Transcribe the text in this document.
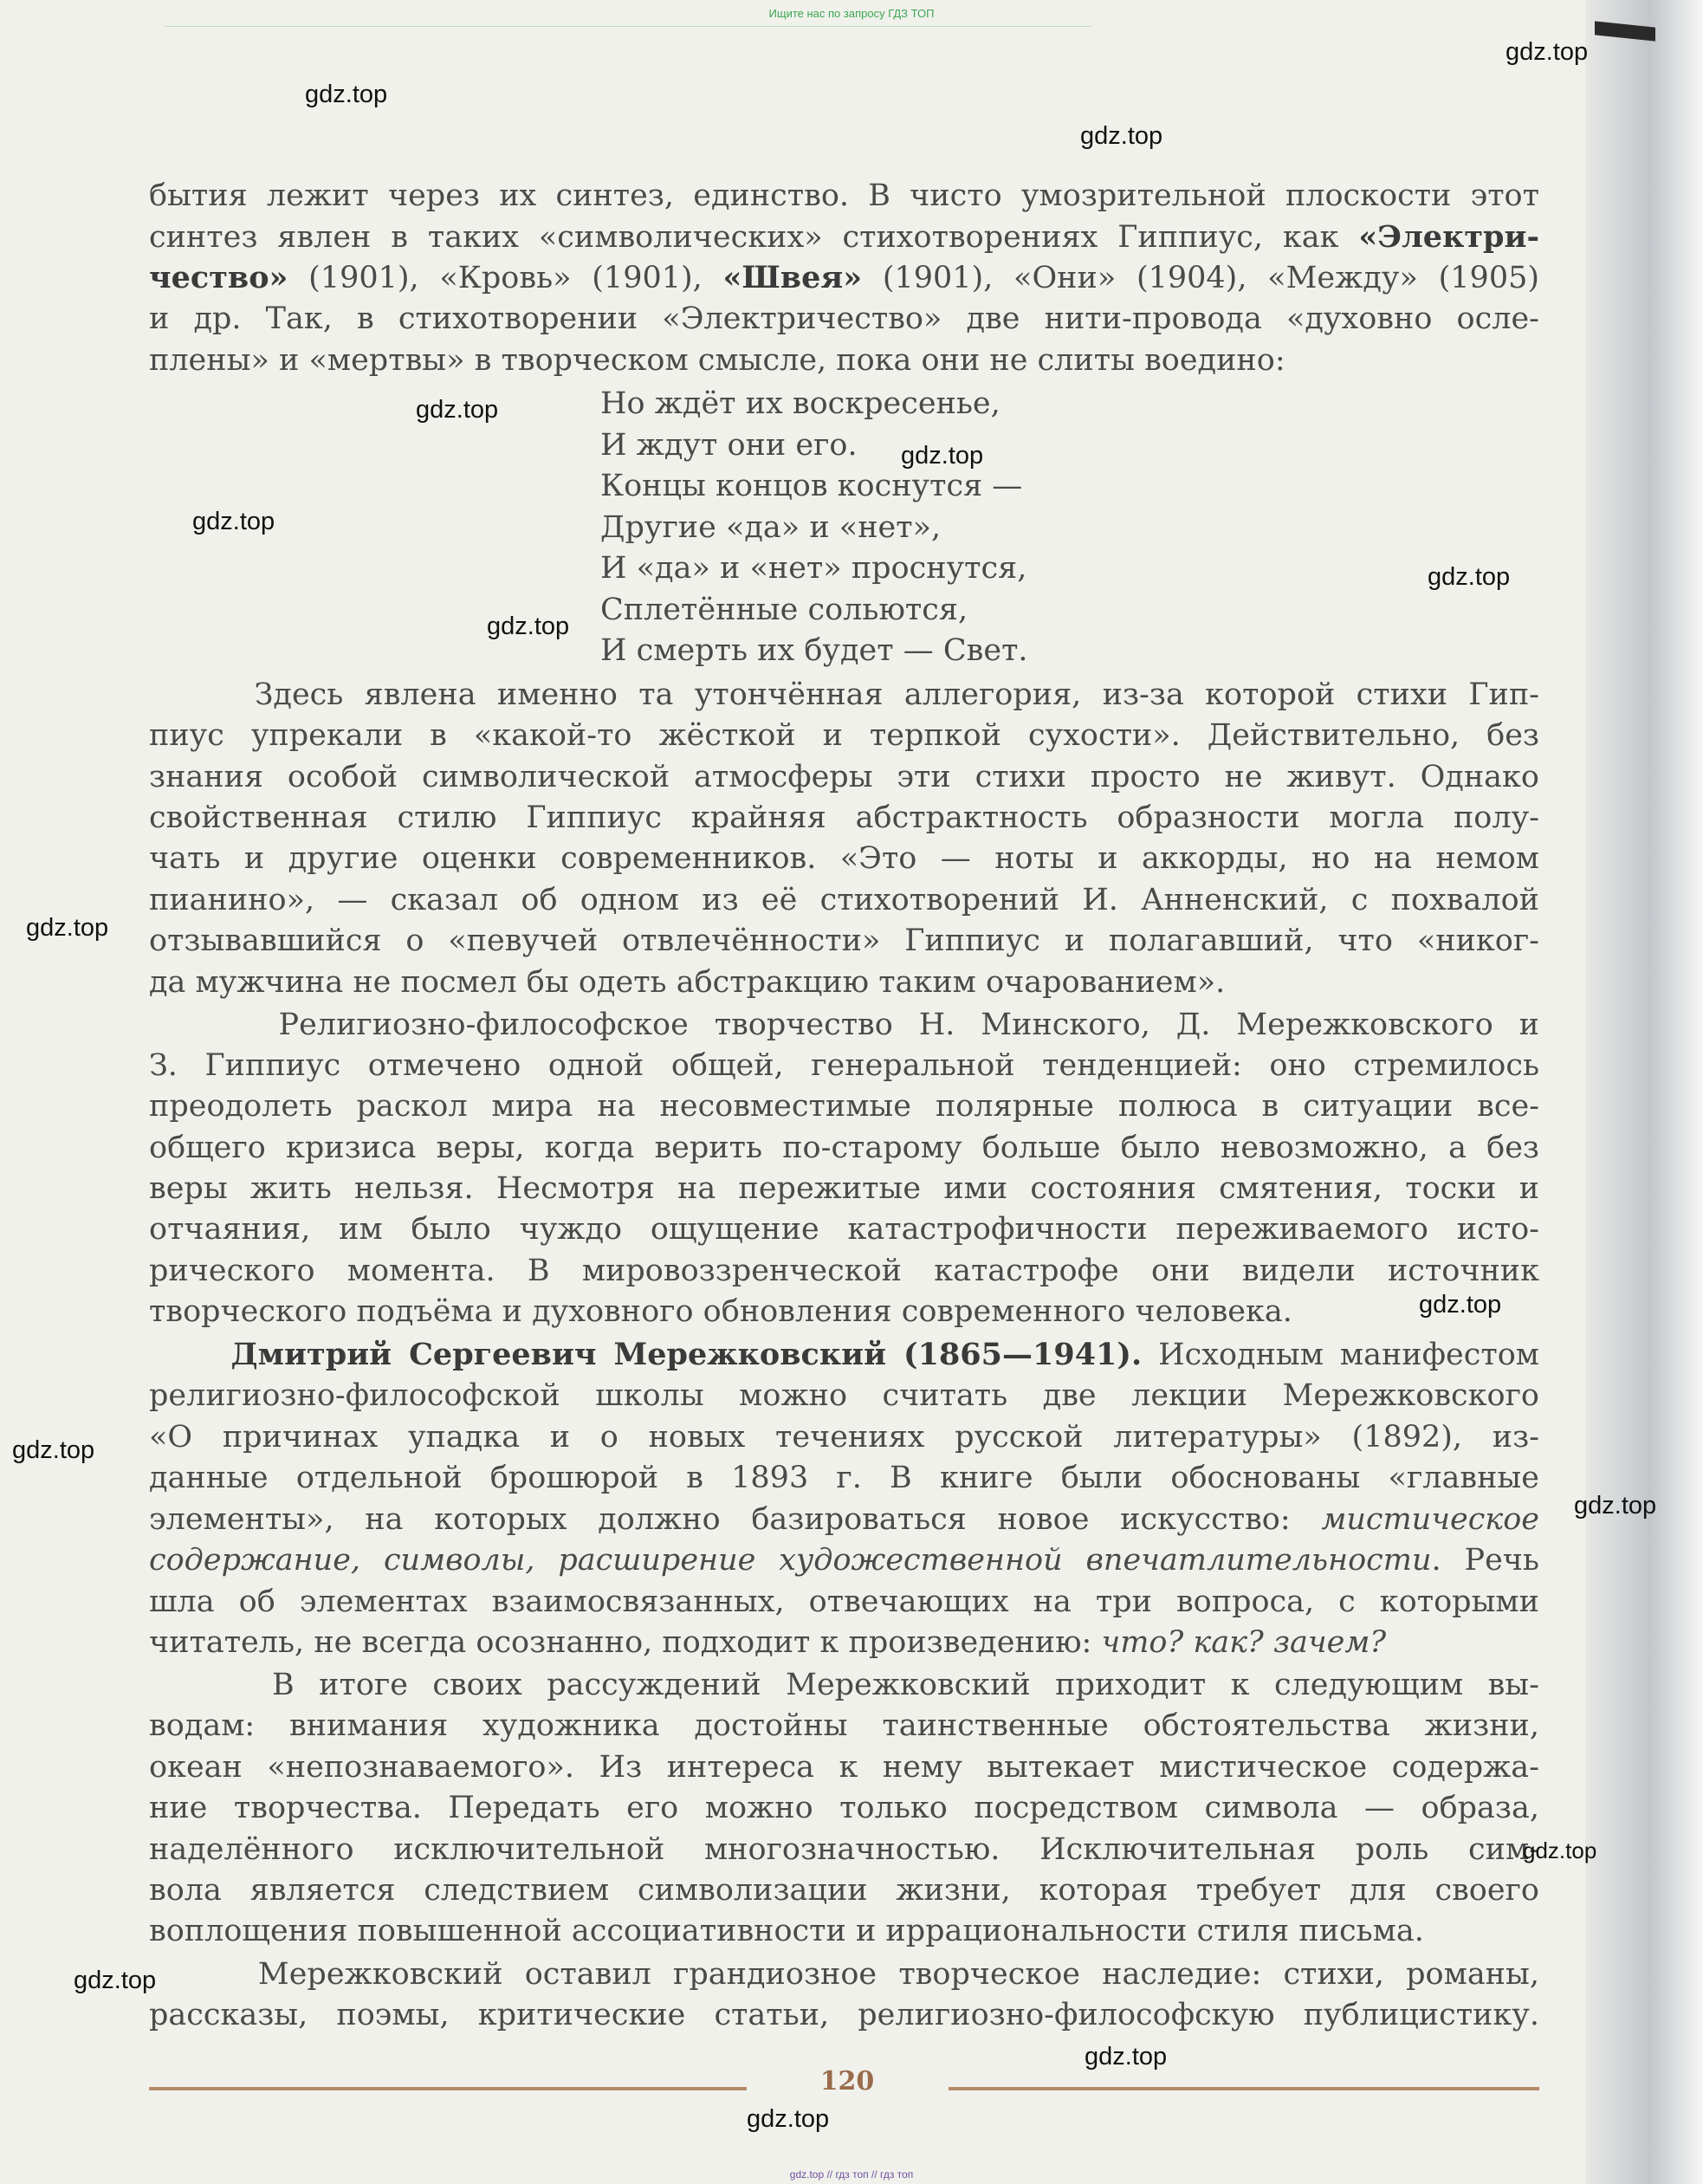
Ищите нас по запросу ГДЗ ТОП
бытия лежит через их синтез, единство. В чисто умозрительной плоскости этот
синтез явлен в таких «символических» стихотворениях Гиппиус, как «Электри-
чество» (1901), «Кровь» (1901), «Швея» (1901), «Они» (1904), «Между» (1905)
и др. Так, в стихотворении «Электричество» две нити-провода «духовно осле-
плены» и «мертвы» в творческом смысле, пока они не слиты воедино:
Но ждёт их воскресенье,
И ждут они его.
Концы концов коснутся —
Другие «да» и «нет»,
И «да» и «нет» проснутся,
Сплетённые сольются,
И смерть их будет — Свет.
Здесь явлена именно та утончённая аллегория, из-за которой стихи Гип-
пиус упрекали в «какой-то жёсткой и терпкой сухости». Действительно, без
знания особой символической атмосферы эти стихи просто не живут. Однако
свойственная стилю Гиппиус крайняя абстрактность образности могла полу-
чать и другие оценки современников. «Это — ноты и аккорды, но на немом
пианино», — сказал об одном из её стихотворений И. Анненский, с похвалой
отзывавшийся о «певучей отвлечённости» Гиппиус и полагавший, что «никог-
да мужчина не посмел бы одеть абстракцию таким очарованием».
Религиозно-философское творчество Н. Минского, Д. Мережковского и
З. Гиппиус отмечено одной общей, генеральной тенденцией: оно стремилось
преодолеть раскол мира на несовместимые полярные полюса в ситуации все-
общего кризиса веры, когда верить по-старому больше было невозможно, а без
веры жить нельзя. Несмотря на пережитые ими состояния смятения, тоски и
отчаяния, им было чуждо ощущение катастрофичности переживаемого исто-
рического момента. В мировоззренческой катастрофе они видели источник
творческого подъёма и духовного обновления современного человека.
Дмитрий Сергеевич Мережковский (1865—1941). Исходным манифестом
религиозно-философской школы можно считать две лекции Мережковского
«О причинах упадка и о новых течениях русской литературы» (1892), из-
данные отдельной брошюрой в 1893 г. В книге были обоснованы «главные
элементы», на которых должно базироваться новое искусство: мистическое
содержание, символы, расширение художественной впечатлительности. Речь
шла об элементах взаимосвязанных, отвечающих на три вопроса, с которыми
читатель, не всегда осознанно, подходит к произведению: что? как? зачем?
В итоге своих рассуждений Мережковский приходит к следующим вы-
водам: внимания художника достойны таинственные обстоятельства жизни,
океан «непознаваемого». Из интереса к нему вытекает мистическое содержа-
ние творчества. Передать его можно только посредством символа — образа,
наделённого исключительной многозначностью. Исключительная роль сим-
вола является следствием символизации жизни, которая требует для своего
воплощения повышенной ассоциативности и иррациональности стиля письма.
Мережковский оставил грандиозное творческое наследие: стихи, романы,
рассказы, поэмы, критические статьи, религиозно-философскую публицистику.
120
gdz.top // гдз топ // гдз топ
gdz.top
gdz.top
gdz.top
gdz.top
gdz.top
gdz.top
gdz.top
gdz.top
gdz.top
gdz.top
gdz.top
gdz.top
gdz.top
gdz.top
gdz.top
gdz.top
